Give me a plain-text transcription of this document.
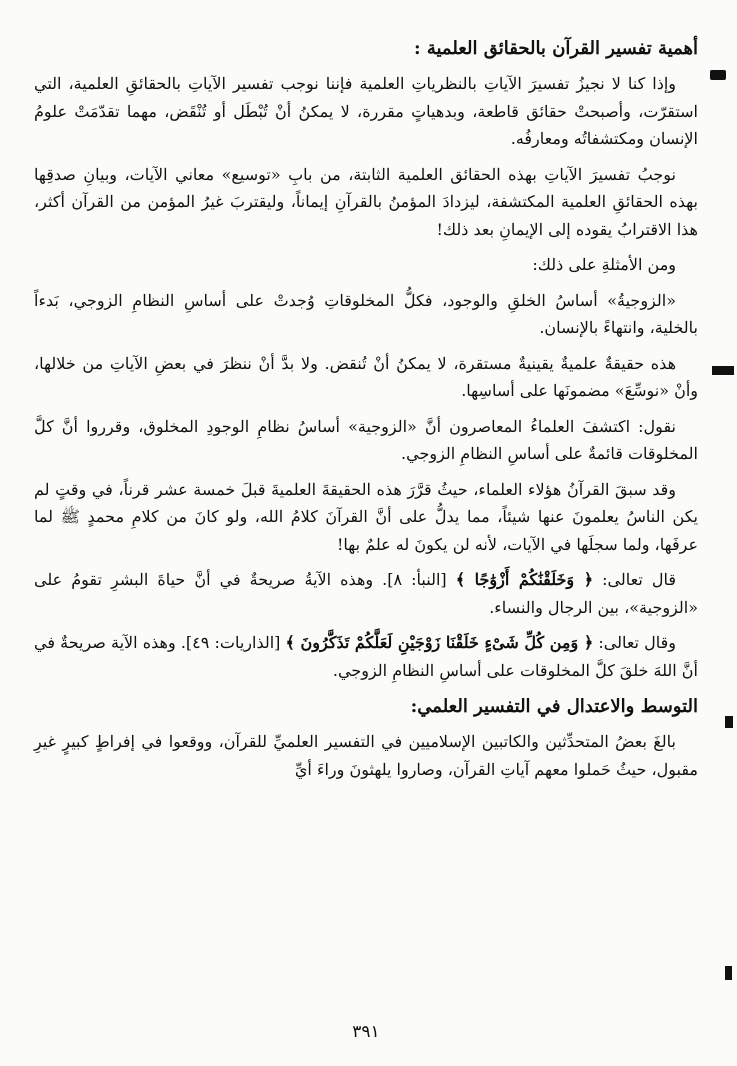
أهمية تفسير القرآن بالحقائق العلمية :

وإذا كنا لا نجيزُ تفسيرَ الآياتِ بالنظرياتِ العلمية فإننا نوجب تفسير الآياتِ بالحقائقِ العلمية، التي استقرّت، وأصبحتْ حقائق قاطعة، وبدهياتٍ مقررة، لا يمكنُ أنْ تُبْطَل أو تُنْقَض، مهما تقدّمَتْ علومُ الإنسان ومكتشفاتُه ومعارفُه.

نوجبُ تفسيرَ الآياتِ بهذه الحقائق العلمية الثابتة، من بابِ «توسيع» معاني الآيات، وبيانِ صدقِها بهذه الحقائقِ العلمية المكتشفة، ليزدادَ المؤمنُ بالقرآنِ إيماناً، وليقتربَ غيرُ المؤمن من القرآن أكثر، هذا الاقترابُ يقوده إلى الإيمانِ بعد ذلك!

ومن الأمثلةِ على ذلك:

«الزوجيةُ» أساسُ الخلقِ والوجود، فكلُّ المخلوقاتِ وُجدتْ على أساسِ النظامِ الزوجي، بَدءاً بالخلية، وانتهاءً بالإنسان.

هذه حقيقةٌ علميةٌ يقينيةٌ مستقرة، لا يمكنُ أنْ تُنقض. ولا بدَّ أنْ ننظرَ في بعضِ الآياتِ من خلالها، وأنْ «نوسِّعَ» مضمونَها على أساسِها.

نقول: اكتشفَ العلماءُ المعاصرون أنَّ «الزوجية» أساسُ نظامِ الوجودِ المخلوق، وقرروا أنَّ كلَّ المخلوقات قائمةٌ على أساسِ النظامِ الزوجي.

وقد سبقَ القرآنُ هؤلاء العلماء، حيثُ قرَّرَ هذه الحقيقةَ العلميةَ قبلَ خمسة عشر قرناً، في وقتٍ لم يكن الناسُ يعلمونَ عنها شيئاً، مما يدلُّ على أنَّ القرآنَ كلامُ الله، ولو كانَ من كلامِ محمدٍ ﷺ لما عرفَها، ولما سجلَها في الآيات، لأنه لن يكونَ له علمٌ بها!

قال تعالى: ﴿ وَخَلَقْنَٰكُمْ أَزْوَٰجًا ﴾ [النبأ: ٨]. وهذه الآيةُ صريحةٌ في أنَّ حياةَ البشرِ تقومُ على «الزوجية»، بين الرجال والنساء.

وقال تعالى: ﴿ وَمِن كُلِّ شَىْءٍ خَلَقْنَا زَوْجَيْنِ لَعَلَّكُمْ تَذَكَّرُونَ ﴾ [الذاريات: ٤٩]. وهذه الآية صريحةٌ في أنَّ اللهَ خلقَ كلَّ المخلوقات على أساسِ النظامِ الزوجي.

التوسط والاعتدال في التفسير العلمي:

بالغَ بعضُ المتحدِّثين والكاتبين الإسلاميين في التفسير العلميِّ للقرآن، ووقعوا في إفراطٍ كبيرٍ غيرِ مقبول، حيثُ حَملوا معهم آياتِ القرآن، وصاروا يلهثونَ وراءَ أيِّ

٣٩١
